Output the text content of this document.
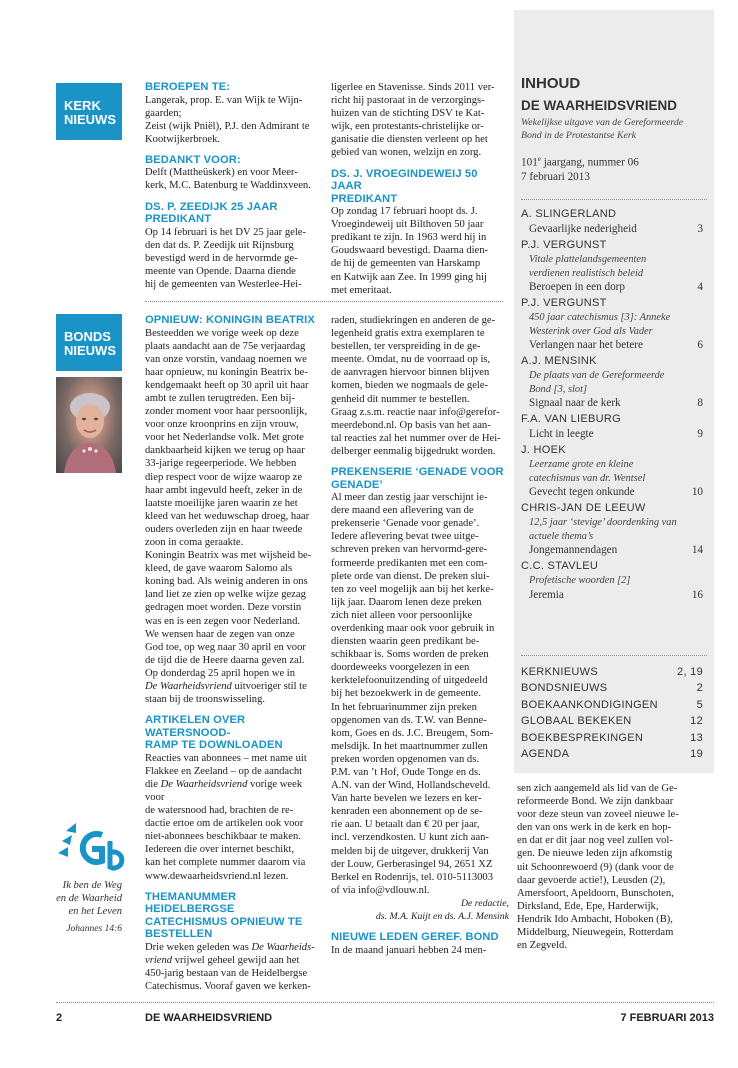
KERK
NIEUWS
BONDS
NIEUWS
Ik ben de Weg
en de Waarheid
en het Leven
Johannes 14:6
BEROEPEN TE:

Langerak, prop. E. van Wijk te Wijn-

gaarden;

Zeist (wijk Pniël), P.J. den Admirant te

Kootwijkerbroek.

BEDANKT VOOR:

Delft (Mattheüskerk) en voor Meer-

kerk, M.C. Batenburg te Waddinxveen.

DS. P. ZEEDIJK 25 JAAR PREDIKANT

Op 14 februari is het DV 25 jaar gele-

den dat ds. P. Zeedijk uit Rijnsburg

bevestigd werd in de hervormde ge-

meente van Opende. Daarna diende

hij de gemeenten van Westerlee-Hei-

ligerlee en Stavenisse. Sinds 2011 ver-

richt hij pastoraat in de verzorgings-

huizen van de stichting DSV te Kat-

wijk, een protestants-christelijke or-

ganisatie die diensten verleent op het

gebied van wonen, welzijn en zorg.

DS. J. VROEGINDEWEIJ 50 JAAR
PREDIKANT

Op zondag 17 februari hoopt ds. J.

Vroegindeweij uit Bilthoven 50 jaar

predikant te zijn. In 1963 werd hij in

Goudswaard bevestigd. Daarna dien-

de hij de gemeenten van Harskamp

en Katwijk aan Zee. In 1999 ging hij

met emeritaat.

OPNIEUW: KONINGIN BEATRIX

Besteedden we vorige week op deze

plaats aandacht aan de 75e verjaardag

van onze vorstin, vandaag noemen we

haar opnieuw, nu koningin Beatrix be-

kendgemaakt heeft op 30 april uit haar

ambt te zullen terugtreden. Een bij-

zonder moment voor haar persoonlijk,

voor onze kroonprins en zijn vrouw,

voor het Nederlandse volk. Met grote

dankbaarheid kijken we terug op haar

33-jarige regeerperiode. We hebben

diep respect voor de wijze waarop ze

haar ambt ingevuld heeft, zeker in de

laatste moeilijke jaren waarin ze het

kleed van het weduwschap droeg, haar

ouders overleden zijn en haar tweede

zoon in coma geraakte.

Koningin Beatrix was met wijsheid be-

kleed, de gave waarom Salomo als

koning bad. Als weinig anderen in ons

land liet ze zien op welke wijze gezag

gedragen moet worden. Deze vorstin

was en is een zegen voor Nederland.

We wensen haar de zegen van onze

God toe, op weg naar 30 april en voor

de tijd die de Heere daarna geven zal.

Op donderdag 25 april hopen we in

De Waarheidsvriend uitvoeriger stil te

staan bij de troonswisseling.

ARTIKELEN OVER WATERSNOOD-
RAMP TE DOWNLOADEN

Reacties van abonnees – met name uit

Flakkee en Zeeland – op de aandacht

die De Waarheidsvriend vorige week voor

de watersnood had, brachten de re-

dactie ertoe om de artikelen ook voor

niet-abonnees beschikbaar te maken.

Iedereen die over internet beschikt,

kan het complete nummer daarom via

www.dewaarheidsvriend.nl lezen.

THEMANUMMER HEIDELBERGSE
CATECHISMUS OPNIEUW TE
BESTELLEN

Drie weken geleden was De Waarheids-

vriend vrijwel geheel gewijd aan het

450-jarig bestaan van de Heidelbergse

Catechismus. Vooraf gaven we kerken-

raden, studiekringen en anderen de ge-

legenheid gratis extra exemplaren te

bestellen, ter verspreiding in de ge-

meente. Omdat, nu de voorraad op is,

de aanvragen hiervoor binnen blijven

komen, bieden we nogmaals de gele-

genheid dit nummer te bestellen.

Graag z.s.m. reactie naar info@gerefor-

meerdebond.nl. Op basis van het aan-

tal reacties zal het nummer over de Hei-

delberger eenmalig bijgedrukt worden.

PREKENSERIE ‘GENADE VOOR
GENADE’

Al meer dan zestig jaar verschijnt ie-

dere maand een aflevering van de

prekenserie ‘Genade voor genade’.

Iedere aflevering bevat twee uitge-

schreven preken van hervormd-gere-

formeerde predikanten met een com-

plete orde van dienst. De preken slui-

ten zo veel mogelijk aan bij het kerke-

lijk jaar. Daarom lenen deze preken

zich niet alleen voor persoonlijke

overdenking maar ook voor gebruik in

diensten waarin geen predikant be-

schikbaar is. Soms worden de preken

doordeweeks voorgelezen in een

kerktelefoonuitzending of uitgedeeld

bij het bezoekwerk in de gemeente.

In het februarinummer zijn preken

opgenomen van ds. T.W. van Benne-

kom, Goes en ds. J.C. Breugem, Som-

melsdijk. In het maartnummer zullen

preken worden opgenomen van ds.

P.M. van ’t Hof, Oude Tonge en ds.

A.N. van der Wind, Hollandscheveld.

Van harte bevelen we lezers en ker-

kenraden een abonnement op de se-

rie aan. U betaalt dan € 20 per jaar,

incl. verzendkosten. U kunt zich aan-

melden bij de uitgever, drukkerij Van

der Louw, Gerberasingel 94, 2651 XZ

Berkel en Rodenrijs, tel. 010-5113003

of via info@vdlouw.nl.

De redactie,

ds. M.A. Kuijt en ds. A.J. Mensink

NIEUWE LEDEN GEREF. BOND

In de maand januari hebben 24 men-

sen zich aangemeld als lid van de Ge-

reformeerde Bond. We zijn dankbaar

voor deze steun van zoveel nieuwe le-

den van ons werk in de kerk en hop-

en dat er dit jaar nog veel zullen vol-

gen. De nieuwe leden zijn afkomstig

uit Schoonrewoerd (9) (dank voor de

daar gevoerde actie!), Leusden (2),

Amersfoort, Apeldoorn, Bunschoten,

Dirksland, Ede, Epe, Harderwijk,

Hendrik Ido Ambacht, Hoboken (B),

Middelburg, Nieuwegein, Rotterdam

en Zegveld.

INHOUD
DE WAARHEIDSVRIEND
Wekelijkse uitgave van de Gereformeerde
Bond in de Protestantse Kerk
101e jaargang, nummer 06
7 februari 2013
A. SLINGERLAND
Gevaarlijke nederigheid	3
P.J. VERGUNST
Vitale plattelandsgemeenten verdienen realistisch beleid
Beroepen in een dorp	4
P.J. VERGUNST
450 jaar catechismus [3]: Anneke Westerink over God als Vader
Verlangen naar het betere	6
A.J. MENSINK
De plaats van de Gereformeerde Bond [3, slot]
Signaal naar de kerk	8
F.A. VAN LIEBURG
Licht in leegte	9
J. HOEK
Leerzame grote en kleine catechismus van dr. Wentsel
Gevecht tegen onkunde	10
CHRIS-JAN DE LEEUW
12,5 jaar ‘stevige’ doordenking van actuele thema’s
Jongemannendagen	14
C.C. STAVLEU
Profetische woorden [2]
Jeremia	16
KERKNIEUWS	2, 19
BONDSNIEUWS	2
BOEKAANKONDIGINGEN	5
GLOBAAL BEKEKEN	12
BOEKBESPREKINGEN	13
AGENDA	19
2	DE WAARHEIDSVRIEND	7 FEBRUARI 2013
